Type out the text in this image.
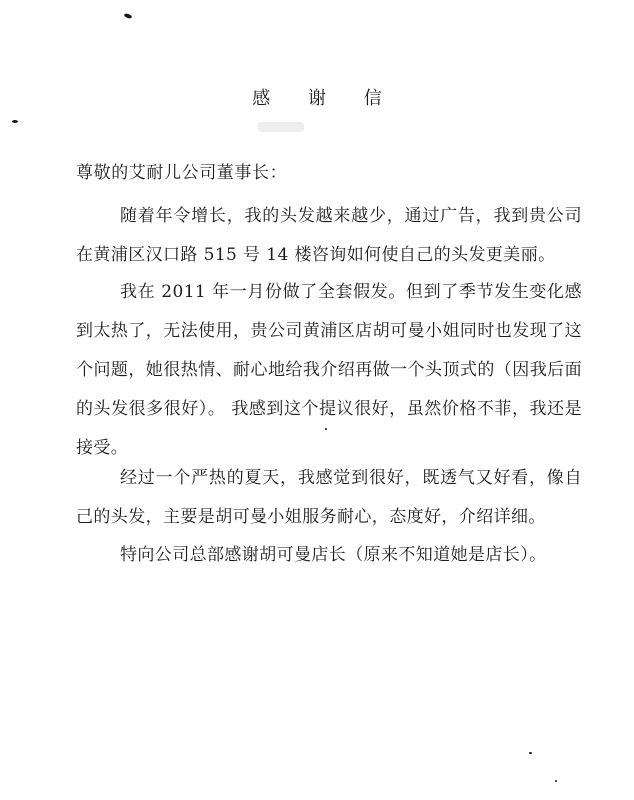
感 谢 信
尊敬的艾耐儿公司董事长：

随着年令增长，我的头发越来越少，通过广告，我到贵公司在黄浦区汉口路 515 号 14 楼咨询如何使自己的头发更美丽。

我在 2011 年一月份做了全套假发。但到了季节发生变化感到太热了，无法使用，贵公司黄浦区店胡可曼小姐同时也发现了这个问题，她很热情、耐心地给我介绍再做一个头顶式的（因我后面的头发很多很好）。 我感到这个提议很好，虽然价格不菲，我还是接受。

经过一个严热的夏天，我感觉到很好，既透气又好看，像自己的头发，主要是胡可曼小姐服务耐心，态度好，介绍详细。

特向公司总部感谢胡可曼店长（原来不知道她是店长）。
